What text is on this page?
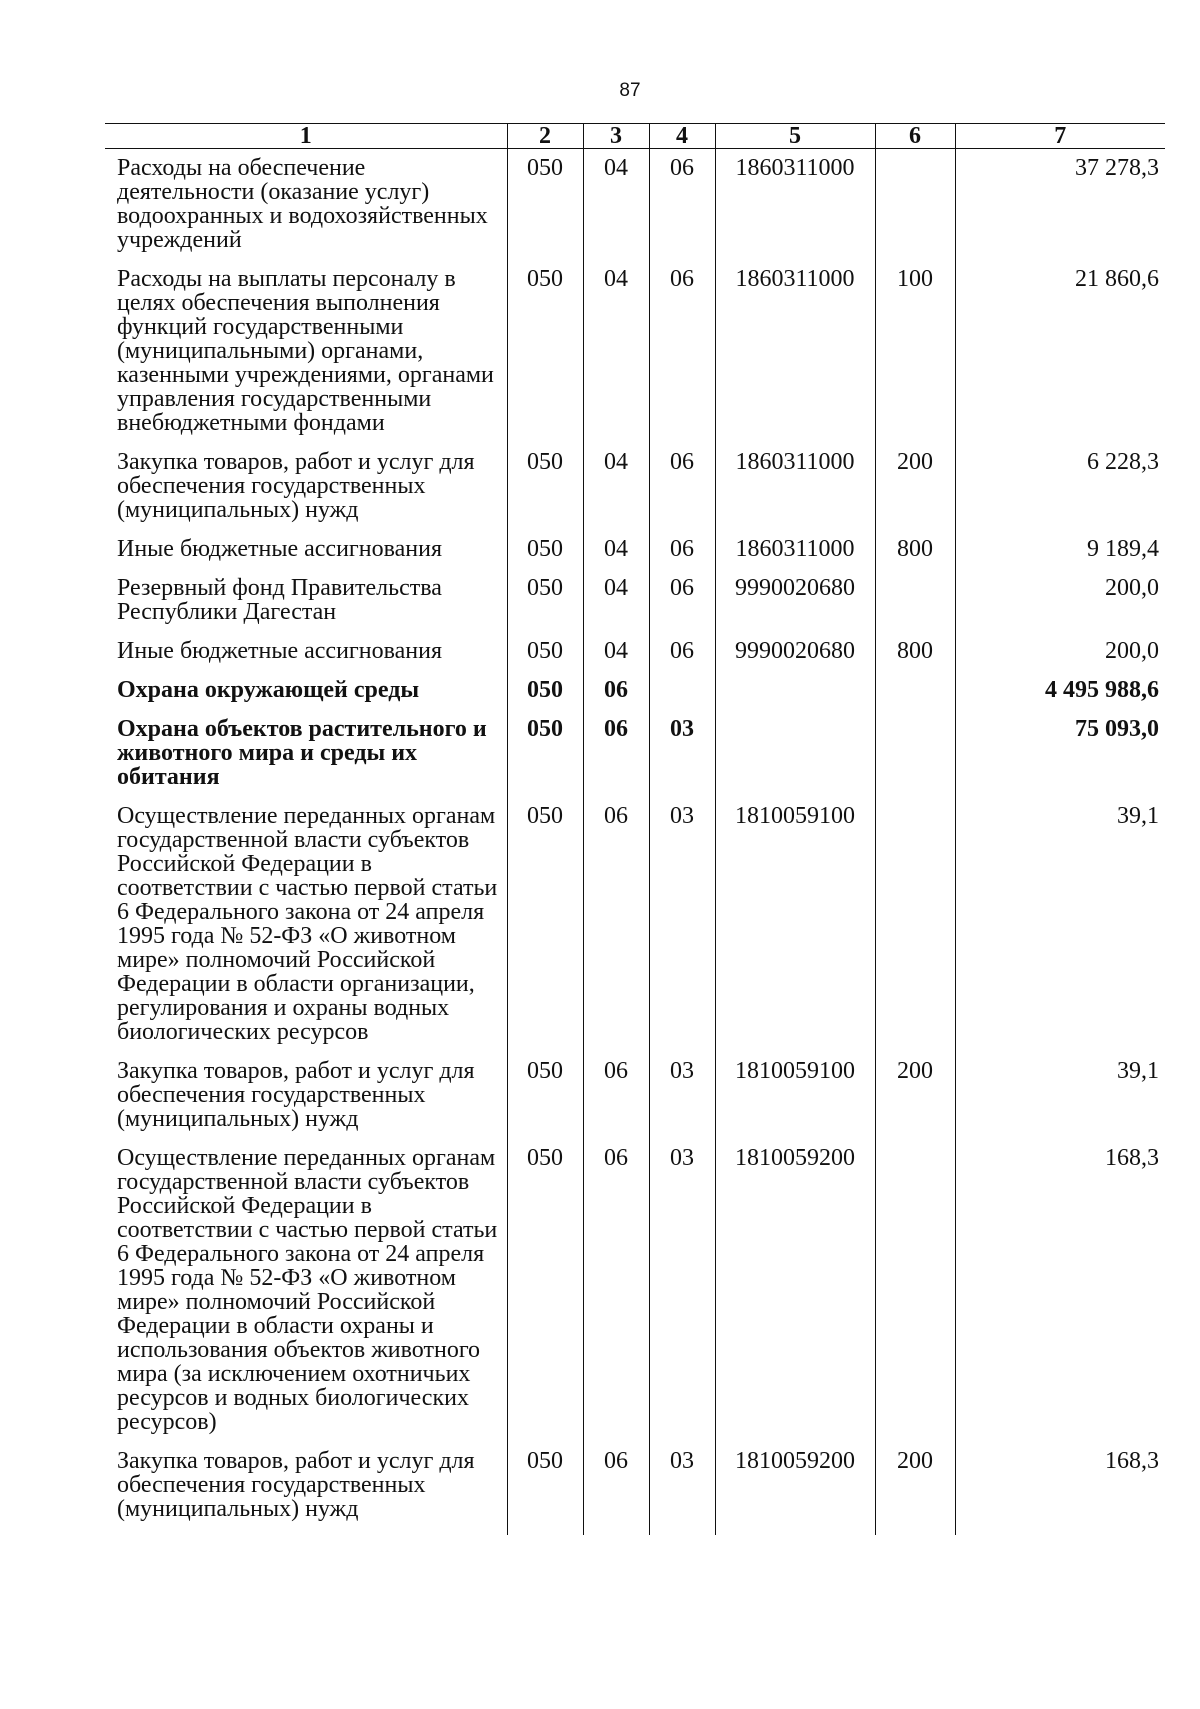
87
1	2	3	4	5	6	7
Расходы на обеспечение деятельности (оказание услуг) водоохранных и водохозяйственных учреждений	050	04	06	1860311000		37 278,3
Расходы на выплаты персоналу в целях обеспечения выполнения функций государственными (муниципальными) органами, казенными учреждениями, органами управления государственными внебюджетными фондами	050	04	06	1860311000	100	21 860,6
Закупка товаров, работ и услуг для обеспечения государственных (муниципальных) нужд	050	04	06	1860311000	200	6 228,3
Иные бюджетные ассигнования	050	04	06	1860311000	800	9 189,4
Резервный фонд Правительства Республики Дагестан	050	04	06	9990020680		200,0
Иные бюджетные ассигнования	050	04	06	9990020680	800	200,0
Охрана окружающей среды	050	06				4 495 988,6
Охрана объектов растительного и животного мира и среды их обитания	050	06	03			75 093,0
Осуществление переданных органам государственной власти субъектов Российской Федерации в соответствии с частью первой статьи 6 Федерального закона от 24 апреля 1995 года № 52-ФЗ «О животном мире» полномочий Российской Федерации в области организации, регулирования и охраны водных биологических ресурсов	050	06	03	1810059100		39,1
Закупка товаров, работ и услуг для обеспечения государственных (муниципальных) нужд	050	06	03	1810059100	200	39,1
Осуществление переданных органам государственной власти субъектов Российской Федерации в соответствии с частью первой статьи 6 Федерального закона от 24 апреля 1995 года № 52-ФЗ «О животном мире» полномочий Российской Федерации в области охраны и использования объектов животного мира (за исключением охотничьих ресурсов и водных биологических ресурсов)	050	06	03	1810059200		168,3
Закупка товаров, работ и услуг для обеспечения государственных (муниципальных) нужд	050	06	03	1810059200	200	168,3
